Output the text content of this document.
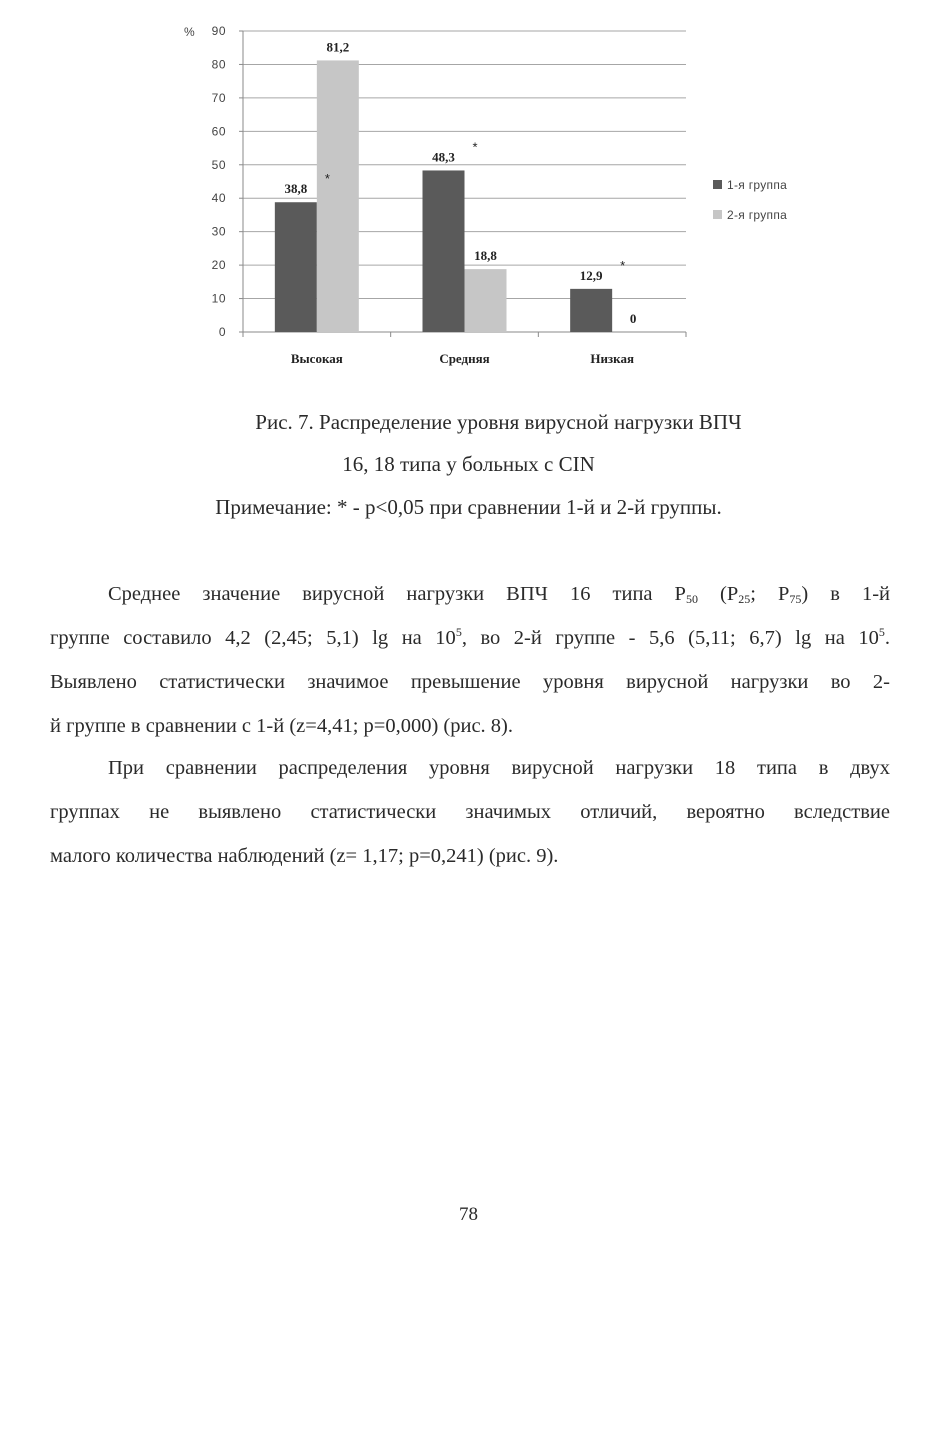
0
10
20
30
40
50
60
70
80
90
%
38,8
81,2
48,3
18,8
12,9
0
*
*
*
Высокая	Средняя	Низкая
1-я группа
2-я группа
Рис. 7. Распределение уровня вирусной нагрузки ВПЧ
16, 18 типа у больных с CIN
Примечание: * - p<0,05 при сравнении 1-й и 2-й группы.
Среднее значение вирусной нагрузки ВПЧ 16 типа $P_{50}$ ($P_{25}$; $P_{75}$) в 1-й
группе составило 4,2 (2,45; 5,1) lg на $10^5$, во 2-й группе - 5,6 (5,11; 6,7) lg на $10^5$.
Выявлено статистически значимое превышение уровня вирусной нагрузки во 2-
й группе в сравнении с 1-й (z=4,41; p=0,000) (рис. 8).
При сравнении распределения уровня вирусной нагрузки 18 типа в двух
группах не выявлено статистически значимых отличий, вероятно вследствие
малого количества наблюдений (z= 1,17; p=0,241) (рис. 9).
78
